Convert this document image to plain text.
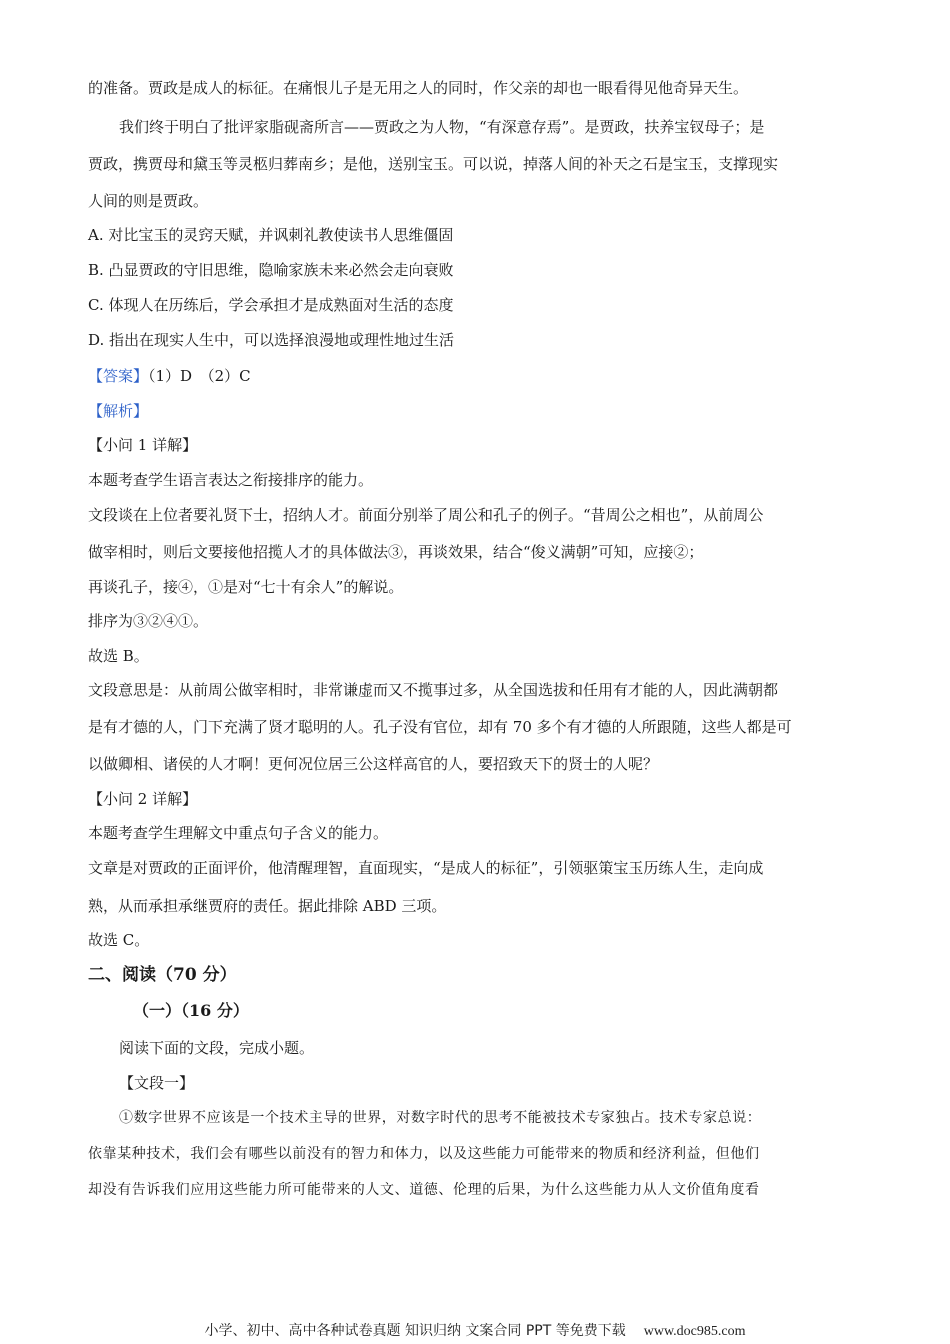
的准备。贾政是成人的标征。在痛恨儿子是无用之人的同时，作父亲的却也一眼看得见他奇异天生。

我们终于明白了批评家脂砚斋所言——贾政之为人物，“有深意存焉”。是贾政，扶养宝钗母子；是

贾政，携贾母和黛玉等灵柩归葬南乡；是他，送别宝玉。可以说，掉落人间的补天之石是宝玉，支撑现实

人间的则是贾政。

A. 对比宝玉的灵窍天赋，并讽刺礼教使读书人思维僵固

B. 凸显贾政的守旧思维，隐喻家族未来必然会走向衰败

C. 体现人在历练后，学会承担才是成熟面对生活的态度

D. 指出在现实人生中，可以选择浪漫地或理性地过生活

【答案】（1）D　（2）C

【解析】

【小问 1 详解】

本题考查学生语言表达之衔接排序的能力。

文段谈在上位者要礼贤下士，招纳人才。前面分别举了周公和孔子的例子。“昔周公之相也”，从前周公

做宰相时，则后文要接他招揽人才的具体做法③，再谈效果，结合“俊义满朝”可知，应接②；

再谈孔子，接④，①是对“七十有余人”的解说。

排序为③②④①。

故选 B。

文段意思是：从前周公做宰相时，非常谦虚而又不揽事过多，从全国选拔和任用有才能的人，因此满朝都

是有才德的人，门下充满了贤才聪明的人。孔子没有官位，却有 70 多个有才德的人所跟随，这些人都是可

以做卿相、诸侯的人才啊！更何况位居三公这样高官的人，要招致天下的贤士的人呢？

【小问 2 详解】

本题考查学生理解文中重点句子含义的能力。

文章是对贾政的正面评价，他清醒理智，直面现实，“是成人的标征”，引领驱策宝玉历练人生，走向成

熟，从而承担承继贾府的责任。据此排除 ABD 三项。

故选 C。

二、阅读（70 分）

（一）（16 分）

阅读下面的文段，完成小题。

【文段一】

①数字世界不应该是一个技术主导的世界，对数字时代的思考不能被技术专家独占。技术专家总说：

依靠某种技术，我们会有哪些以前没有的智力和体力，以及这些能力可能带来的物质和经济利益，但他们

却没有告诉我们应用这些能力所可能带来的人文、道德、伦理的后果，为什么这些能力从人文价值角度看

小学、初中、高中各种试卷真题 知识归纳 文案合同 PPT 等免费下载 www.doc985.com
